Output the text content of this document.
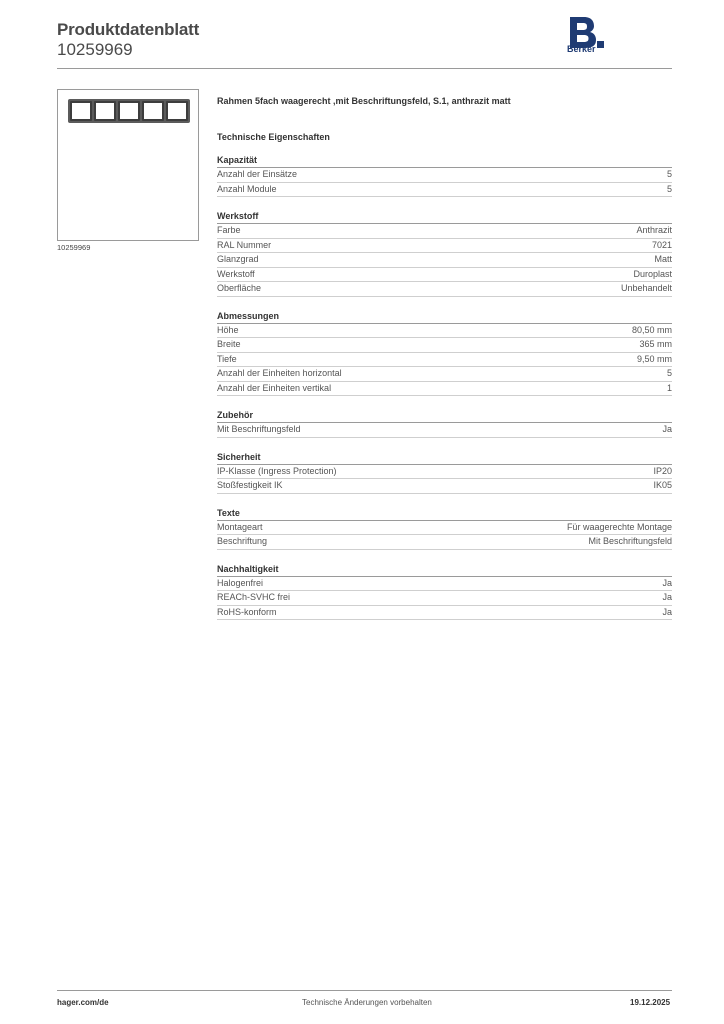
Produktdatenblatt
10259969	Berker
10259969
Rahmen 5fach waagerecht ,mit Beschriftungsfeld, S.1, anthrazit matt
Technische Eigenschaften
Kapazität
Anzahl der Einsätze	5
Anzahl Module	5
Werkstoff
Farbe	Anthrazit
RAL Nummer	7021
Glanzgrad	Matt
Werkstoff	Duroplast
Oberfläche	Unbehandelt
Abmessungen
Höhe	80,50 mm
Breite	365 mm
Tiefe	9,50 mm
Anzahl der Einheiten horizontal	5
Anzahl der Einheiten vertikal	1
Zubehör
Mit Beschriftungsfeld	Ja
Sicherheit
IP-Klasse (Ingress Protection)	IP20
Stoßfestigkeit IK	IK05
Texte
Montageart	Für waagerechte Montage
Beschriftung	Mit Beschriftungsfeld
Nachhaltigkeit
Halogenfrei	Ja
REACh-SVHC frei	Ja
RoHS-konform	Ja
hager.com/de	Technische Änderungen vorbehalten	19.12.2025
